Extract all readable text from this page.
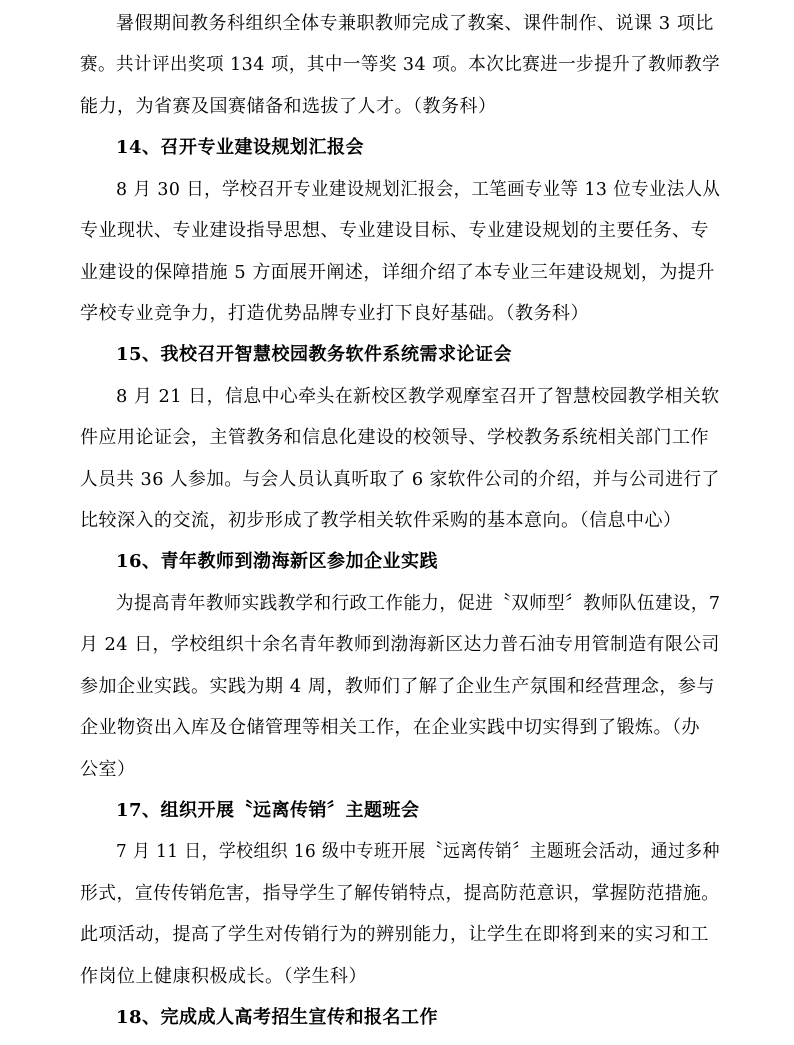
暑假期间教务科组织全体专兼职教师完成了教案、课件制作、说课 3 项比
赛。共计评出奖项 134 项，其中一等奖 34 项。本次比赛进一步提升了教师教学
能力，为省赛及国赛储备和选拔了人才。（教务科）
14、召开专业建设规划汇报会
8 月 30 日，学校召开专业建设规划汇报会，工笔画专业等 13 位专业法人从
专业现状、专业建设指导思想、专业建设目标、专业建设规划的主要任务、专
业建设的保障措施 5 方面展开阐述，详细介绍了本专业三年建设规划，为提升
学校专业竞争力，打造优势品牌专业打下良好基础。（教务科）
15、我校召开智慧校园教务软件系统需求论证会
8 月 21 日，信息中心牵头在新校区教学观摩室召开了智慧校园教学相关软
件应用论证会，主管教务和信息化建设的校领导、学校教务系统相关部门工作
人员共 36 人参加。与会人员认真听取了 6 家软件公司的介绍，并与公司进行了
比较深入的交流，初步形成了教学相关软件采购的基本意向。（信息中心）
16、青年教师到渤海新区参加企业实践
为提高青年教师实践教学和行政工作能力，促进〝双师型〞教师队伍建设，7
月 24 日，学校组织十余名青年教师到渤海新区达力普石油专用管制造有限公司
参加企业实践。实践为期 4 周，教师们了解了企业生产氛围和经营理念，参与
企业物资出入库及仓储管理等相关工作，在企业实践中切实得到了锻炼。（办
公室）
17、组织开展〝远离传销〞主题班会
7 月 11 日，学校组织 16 级中专班开展〝远离传销〞主题班会活动，通过多种
形式，宣传传销危害，指导学生了解传销特点，提高防范意识，掌握防范措施。
此项活动，提高了学生对传销行为的辨别能力，让学生在即将到来的实习和工
作岗位上健康积极成长。（学生科）
18、完成成人高考招生宣传和报名工作
